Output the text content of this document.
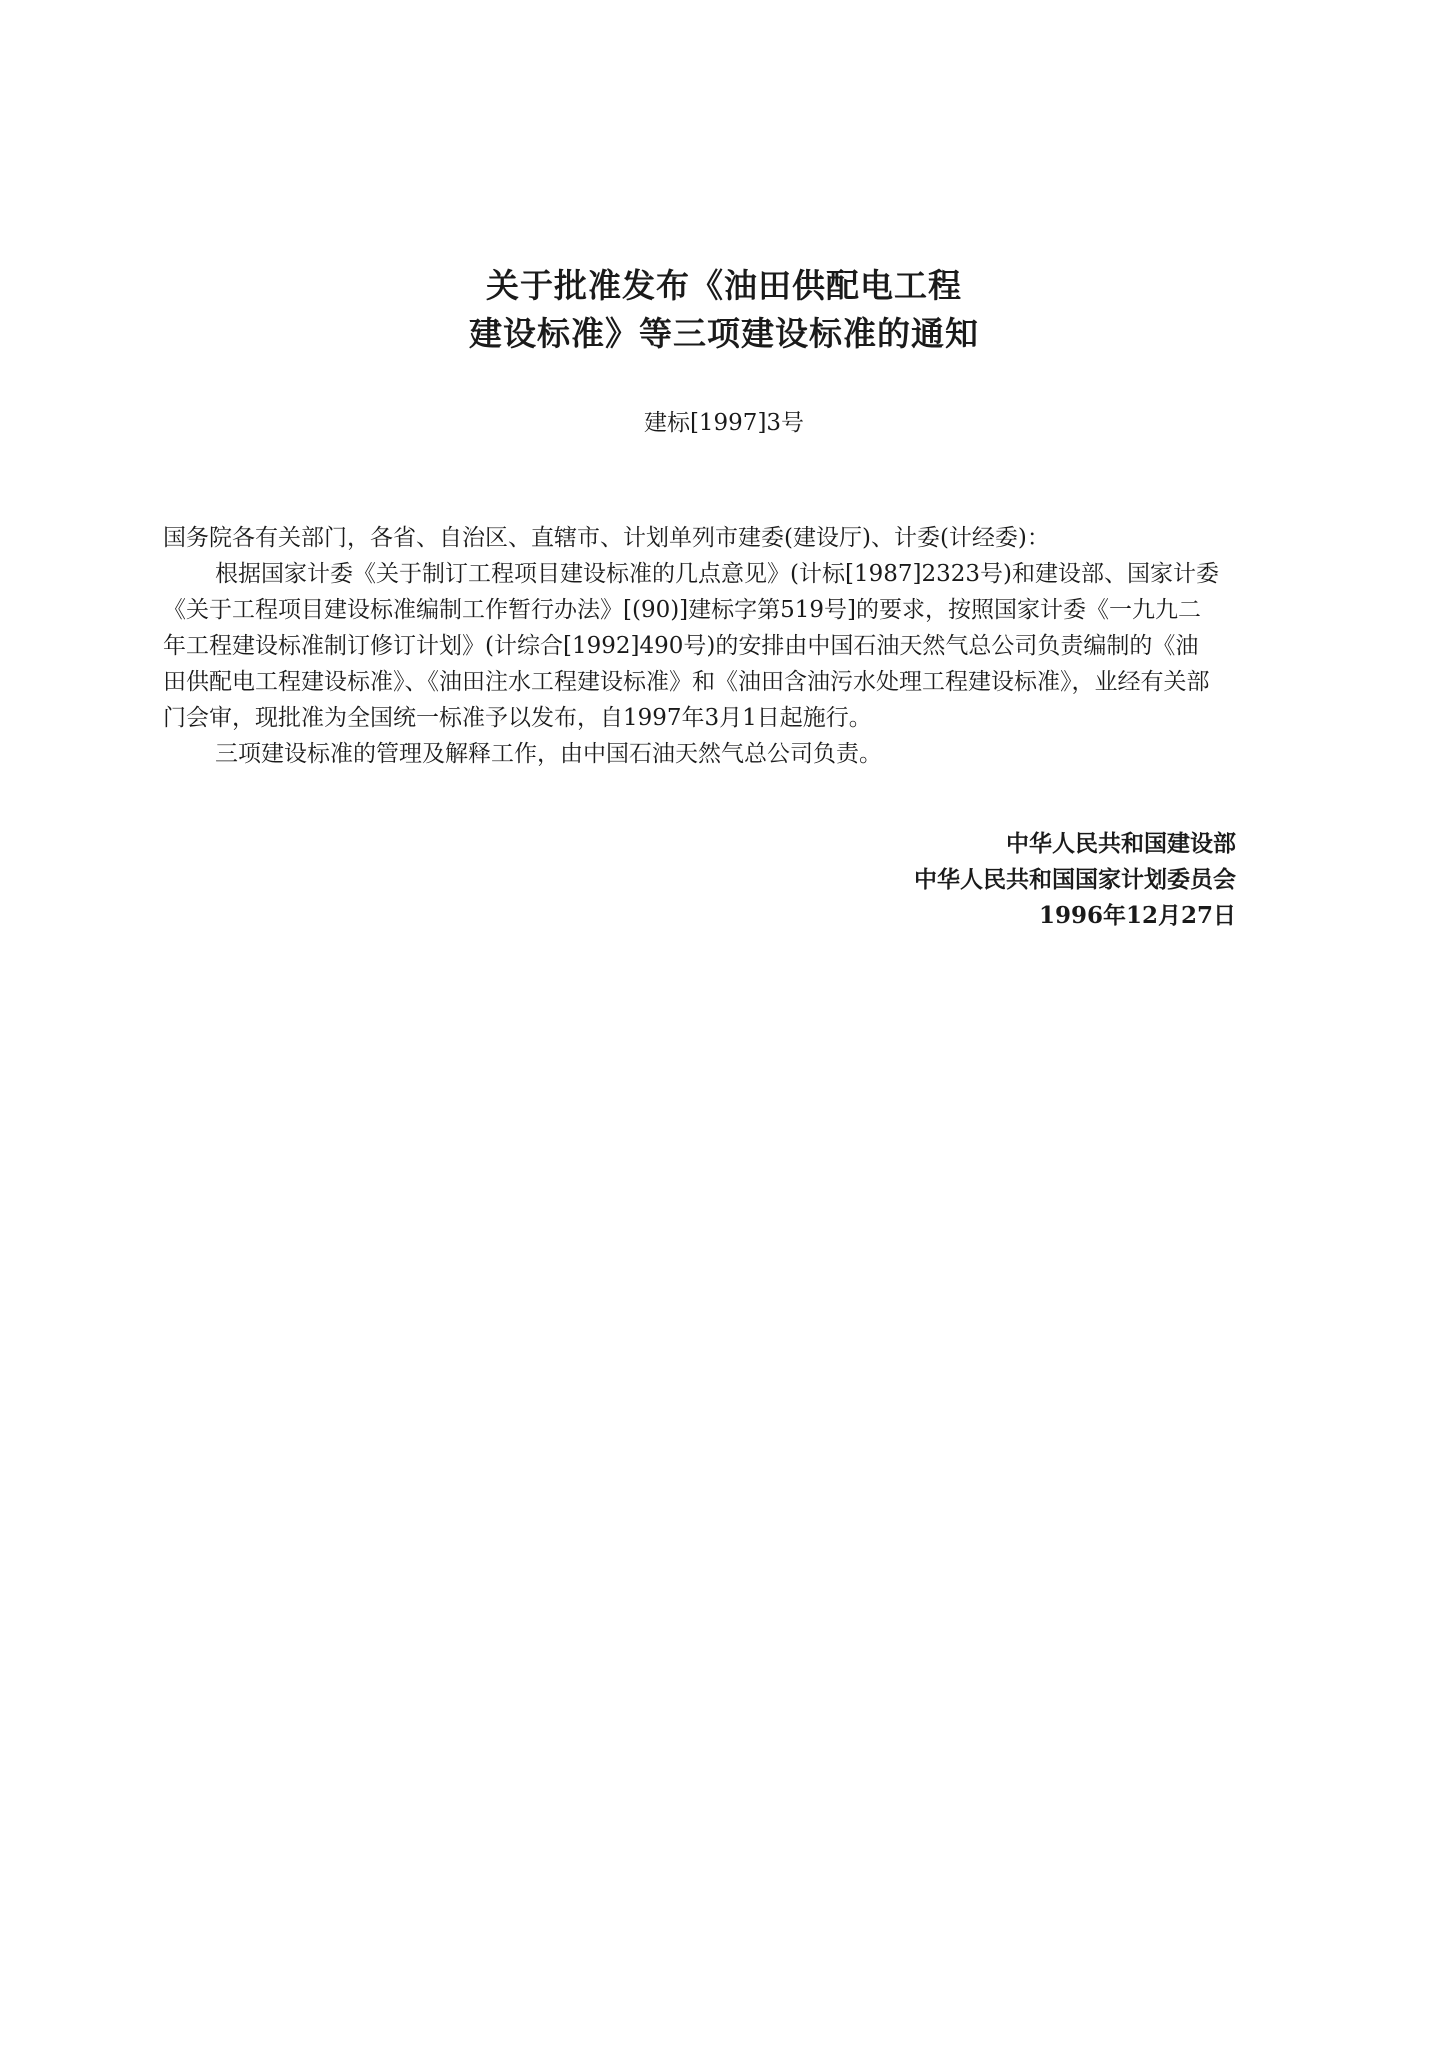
关于批准发布《油田供配电工程
建设标准》等三项建设标准的通知
建标[1997]3号
国务院各有关部门，各省、自治区、直辖市、计划单列市建委(建设厅)、计委(计经委)：
根据国家计委《关于制订工程项目建设标准的几点意见》(计标[1987]2323号)和建设部、国家计委
《关于工程项目建设标准编制工作暂行办法》[(90)]建标字第519号]的要求，按照国家计委《一九九二
年工程建设标准制订修订计划》(计综合[1992]490号)的安排由中国石油天然气总公司负责编制的《油
田供配电工程建设标准》、《油田注水工程建设标准》和《油田含油污水处理工程建设标准》，业经有关部
门会审，现批准为全国统一标准予以发布，自1997年3月1日起施行。
三项建设标准的管理及解释工作，由中国石油天然气总公司负责。
中华人民共和国建设部
中华人民共和国国家计划委员会
1996年12月27日
